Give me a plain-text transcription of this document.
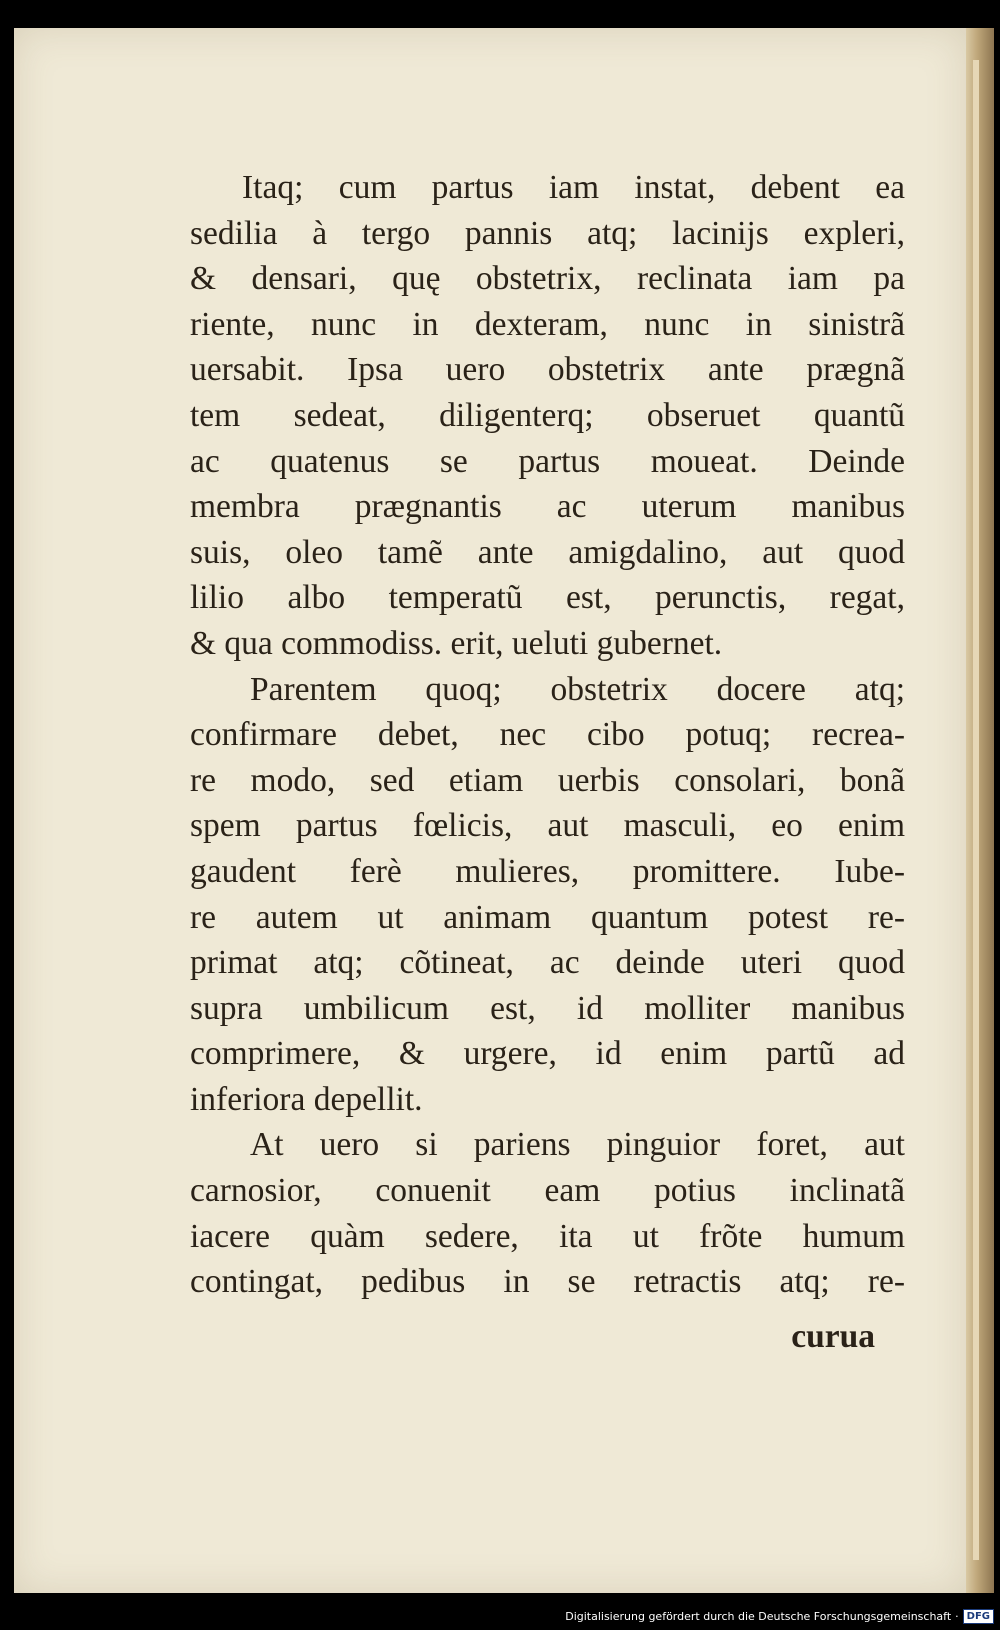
Itaq; cum partus iam instat, debent ea
sedilia à tergo pannis atq; lacinijs expleri,
& densari, quę obstetrix, reclinata iam pa
riente, nunc in dexteram, nunc in sinistrã
uersabit. Ipsa uero obstetrix ante prægnã
tem sedeat, diligenterq; obseruet quantũ
ac quatenus se partus moueat. Deinde
membra prægnantis ac uterum manibus
suis, oleo tamẽ ante amigdalino, aut quod
lilio albo temperatũ est, perunctis, regat,
& qua commodiss. erit, ueluti gubernet.
Parentem quoq; obstetrix docere atq;
confirmare debet, nec cibo potuq; recrea-
re modo, sed etiam uerbis consolari, bonã
spem partus fœlicis, aut masculi, eo enim
gaudent ferè mulieres, promittere. Iube-
re autem ut animam quantum potest re-
primat atq; cõtineat, ac deinde uteri quod
supra umbilicum est, id molliter manibus
comprimere, & urgere, id enim partũ ad
inferiora depellit.
At uero si pariens pinguior foret, aut
carnosior, conuenit eam potius inclinatã
iacere quàm sedere, ita ut frõte humum
contingat, pedibus in se retractis atq; re-
curua
Digitalisierung gefördert durch die Deutsche Forschungsgemeinschaft · DFG
